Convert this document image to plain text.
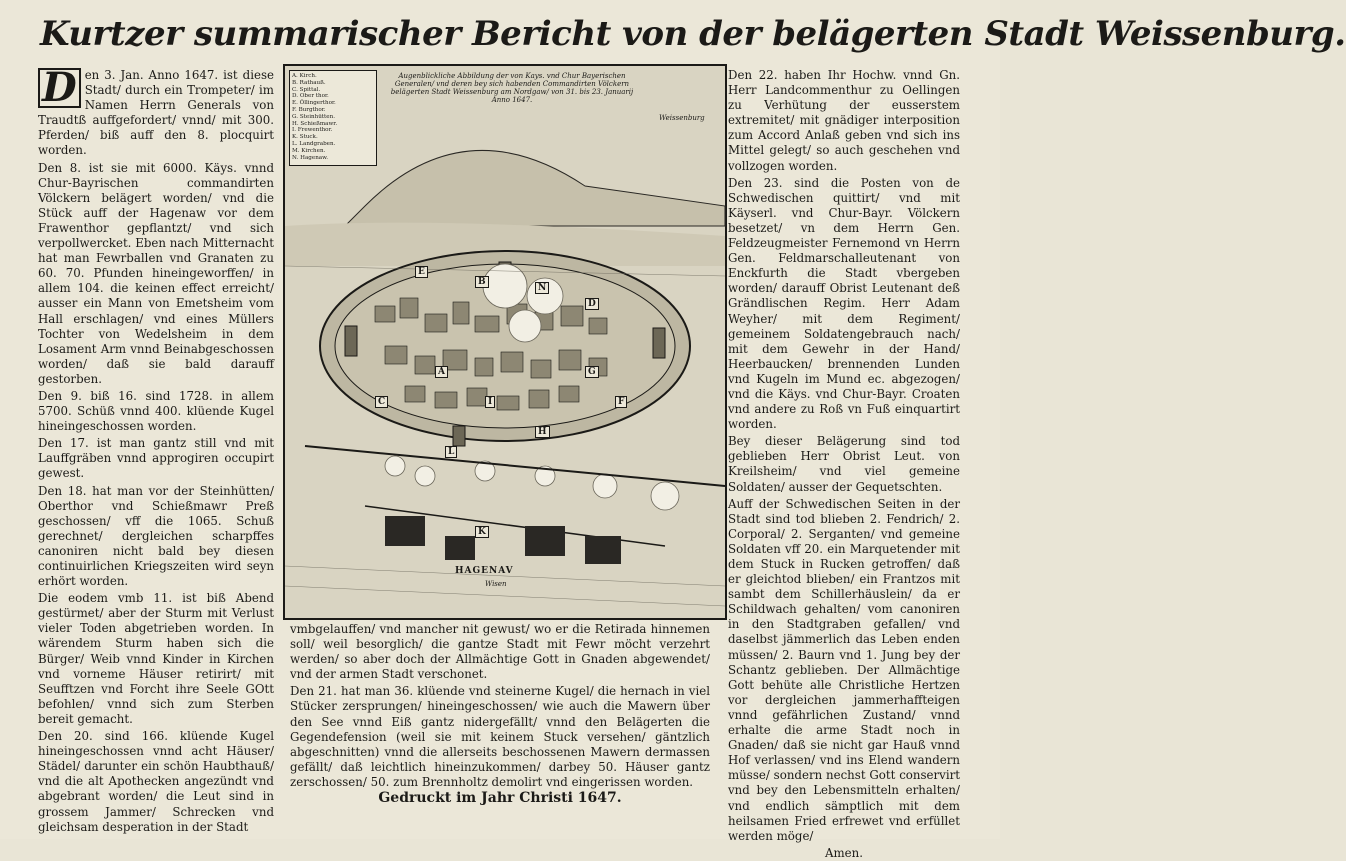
Kurtzer summarischer Bericht von der belägerten Stadt Weissenburg.

D en 3. Jan. Anno 1647. ist diese Stadt/ durch ein Trompeter/ im Namen Herrn Generals von Traudtß auffgefordert/ vnnd/ mit 300. Pferden/ biß auff den 8. plocquirt worden.

Den 8. ist sie mit 6000. Käys. vnnd Chur-Bayrischen commandirten Völckern belägert worden/ vnd die Stück auff der Hagenaw vor dem Frawenthor gepflantzt/ vnd sich verpollwercket. Eben nach Mitternacht hat man Fewrballen vnd Granaten zu 60. 70. Pfunden hineingeworffen/ in allem 104. die keinen effect erreicht/ ausser ein Mann von Emetsheim vom Hall erschlagen/ vnd eines Müllers Tochter von Wedelsheim in dem Losament Arm vnnd Beinabgeschossen worden/ daß sie bald darauff gestorben.

Den 9. biß 16. sind 1728. in allem 5700. Schüß vnnd 400. klüende Kugel hineingeschossen worden.

Den 17. ist man gantz still vnd mit Lauffgräben vnnd approgiren occupirt gewest.

Den 18. hat man vor der Steinhütten/ Oberthor vnd Schießmawr Preß geschossen/ vff die 1065. Schuß gerechnet/ dergleichen scharpffes canoniren nicht bald bey diesen continuirlichen Kriegszeiten wird seyn erhört worden.

Die eodem vmb 11. ist biß Abend gestürmet/ aber der Sturm mit Verlust vieler Toden abgetrieben worden. In wärendem Sturm haben sich die Bürger/ Weib vnnd Kinder in Kirchen vnd vorneme Häuser retirirt/ mit Seufftzen vnd Forcht ihre Seele GOtt befohlen/ vnnd sich zum Sterben bereit gemacht.

Den 20. sind 166. klüende Kugel hineingeschossen vnnd acht Häuser/ Städel/ darunter ein schön Haubthauß/ vnd die alt Apothecken angezündt vnd abgebrant worden/ die Leut sind in grossem Jammer/ Schrecken vnd gleichsam desperation in der Stadt

A. Kirch.
B. Rathauß.
C. Spittal.
D. Ober thor.
E. Öllingerthor.
F. Burgthor.
G. Steinhütten.
H. Schießmawr.
I. Frewenthor.
K. Stuck.
L. Landgraben.
M. Kirchen.
N. Hagenaw.
Augenblickliche Abbildung der von Kays. vnd Chur Bayerischen Generalen/ vnd deren bey sich habenden Commandirten Völckern belägerten Stadt Weissenburg am Nordgaw/ von 31. bis 23. Januarij Anno 1647.
Weissenburg
E
B
N
D
A
I
C	F
L
K
G
H
HAGENAV
Wisen

vmbgelauffen/ vnd mancher nit gewust/ wo er die Retirada hinnemen soll/ weil besorglich/ die gantze Stadt mit Fewr möcht verzehrt werden/ so aber doch der Allmächtige Gott in Gnaden abgewendet/ vnd der armen Stadt verschonet.

Den 21. hat man 36. klüende vnd steinerne Kugel/ die hernach in viel Stücker zersprungen/ hineingeschossen/ wie auch die Mawern über den See vnnd Eiß gantz nidergefällt/ vnnd den Belägerten die Gegendefension (weil sie mit keinem Stuck versehen/ gäntzlich abgeschnitten) vnnd die allerseits beschossenen Mawern dermassen gefällt/ daß leichtlich hineinzukommen/ darbey 50. Häuser gantz zerschossen/ 50. zum Brennholtz demolirt vnd eingerissen worden.

Den 22. haben Ihr Hochw. vnnd Gn. Herr Landcommenthur zu Oellingen zu Verhütung der eusserstem extremitet/ mit gnädiger interposition zum Accord Anlaß geben vnd sich ins Mittel gelegt/ so auch geschehen vnd vollzogen worden.

Den 23. sind die Posten von de Schwedischen quittirt/ vnd mit Käyserl. vnd Chur-Bayr. Völckern besetzet/ vn dem Herrn Gen. Feldzeugmeister Fernemond vn Herrn Gen. Feldmarschalleutenant von Enckfurth die Stadt vbergeben worden/ darauff Obrist Leutenant deß Grändlischen Regim. Herr Adam Weyher/ mit dem Regiment/ gemeinem Soldatengebrauch nach/ mit dem Gewehr in der Hand/ Heerbaucken/ brennenden Lunden vnd Kugeln im Mund ec. abgezogen/ vnd die Käys. vnd Chur-Bayr. Croaten vnd andere zu Roß vn Fuß einquartirt worden.

Bey dieser Belägerung sind tod geblieben Herr Obrist Leut. von Kreilsheim/ vnd viel gemeine Soldaten/ ausser der Gequetschten.

Auff der Schwedischen Seiten in der Stadt sind tod blieben 2. Fendrich/ 2. Corporal/ 2. Serganten/ vnd gemeine Soldaten vff 20. ein Marquetender mit dem Stuck in Rucken getroffen/ daß er gleichtod blieben/ ein Frantzos mit sambt dem Schillerhäuslein/ da er Schildwach gehalten/ vom canoniren in den Stadtgraben gefallen/ vnd daselbst jämmerlich das Leben enden müssen/ 2. Baurn vnd 1. Jung bey der Schantz geblieben. Der Allmächtige Gott behüte alle Christliche Hertzen vor dergleichen jammerhaffteigen vnnd gefährlichen Zustand/ vnnd erhalte die arme Stadt noch in Gnaden/ daß sie nicht gar Hauß vnnd Hof verlassen/ vnd ins Elend wandern müsse/ sondern nechst Gott conservirt vnd bey den Lebensmitteln erhalten/ vnd endlich sämptlich mit dem heilsamen Fried erfrewet vnd erfüllet werden möge/

Amen.
Gedruckt im Jahr Christi 1647.
